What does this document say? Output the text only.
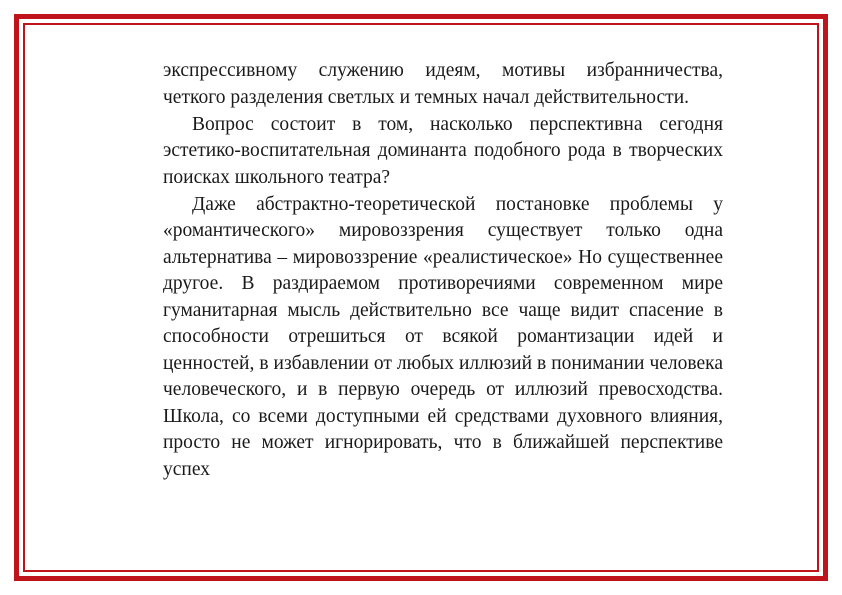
экспрессивному служению идеям, мотивы избранничества, четкого разделения светлых и темных начал действительности.

Вопрос состоит в том, насколько перспективна сегодня эстетико-воспитательная доминанта подобного рода в творческих поисках школьного театра?

Даже абстрактно-теоретической постановке проблемы у «романтического» мировоззрения существует только одна альтернатива – мировоззрение «реалистическое» Но существеннее другое. В раздираемом противоречиями современном мире гуманитарная мысль действительно все чаще видит спасение в способности отрешиться от всякой романтизации идей и ценностей, в избавлении от любых иллюзий в понимании человека человеческого, и в первую очередь от иллюзий превосходства. Школа, со всеми доступными ей средствами духовного влияния, просто не может игнорировать, что в ближайшей перспективе успех
